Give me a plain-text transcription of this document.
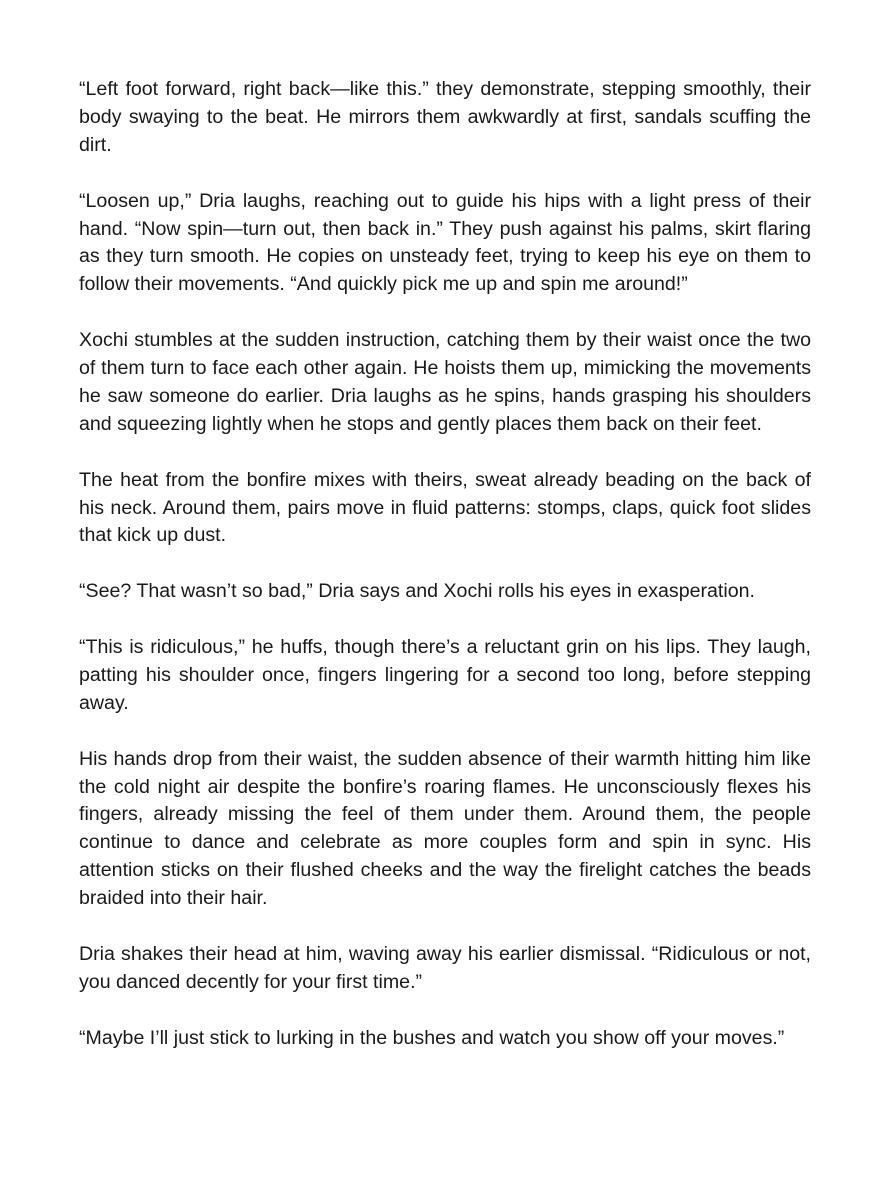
“Left foot forward, right back—like this.” they demonstrate, stepping smoothly, their body swaying to the beat. He mirrors them awkwardly at first, sandals scuffing the dirt.

“Loosen up,” Dria laughs, reaching out to guide his hips with a light press of their hand. “Now spin—turn out, then back in.” They push against his palms, skirt flaring as they turn smooth. He copies on unsteady feet, trying to keep his eye on them to follow their movements. “And quickly pick me up and spin me around!”

Xochi stumbles at the sudden instruction, catching them by their waist once the two of them turn to face each other again. He hoists them up, mimicking the movements he saw someone do earlier. Dria laughs as he spins, hands grasping his shoulders and squeezing lightly when he stops and gently places them back on their feet.

The heat from the bonfire mixes with theirs, sweat already beading on the back of his neck. Around them, pairs move in fluid patterns: stomps, claps, quick foot slides that kick up dust.

“See? That wasn’t so bad,” Dria says and Xochi rolls his eyes in exasperation.

“This is ridiculous,” he huffs, though there’s a reluctant grin on his lips. They laugh, patting his shoulder once, fingers lingering for a second too long, before stepping away.

His hands drop from their waist, the sudden absence of their warmth hitting him like the cold night air despite the bonfire’s roaring flames. He unconsciously flexes his fingers, already missing the feel of them under them. Around them, the people continue to dance and celebrate as more couples form and spin in sync. His attention sticks on their flushed cheeks and the way the firelight catches the beads braided into their hair.

Dria shakes their head at him, waving away his earlier dismissal. “Ridiculous or not, you danced decently for your first time.”

“Maybe I’ll just stick to lurking in the bushes and watch you show off your moves.”
